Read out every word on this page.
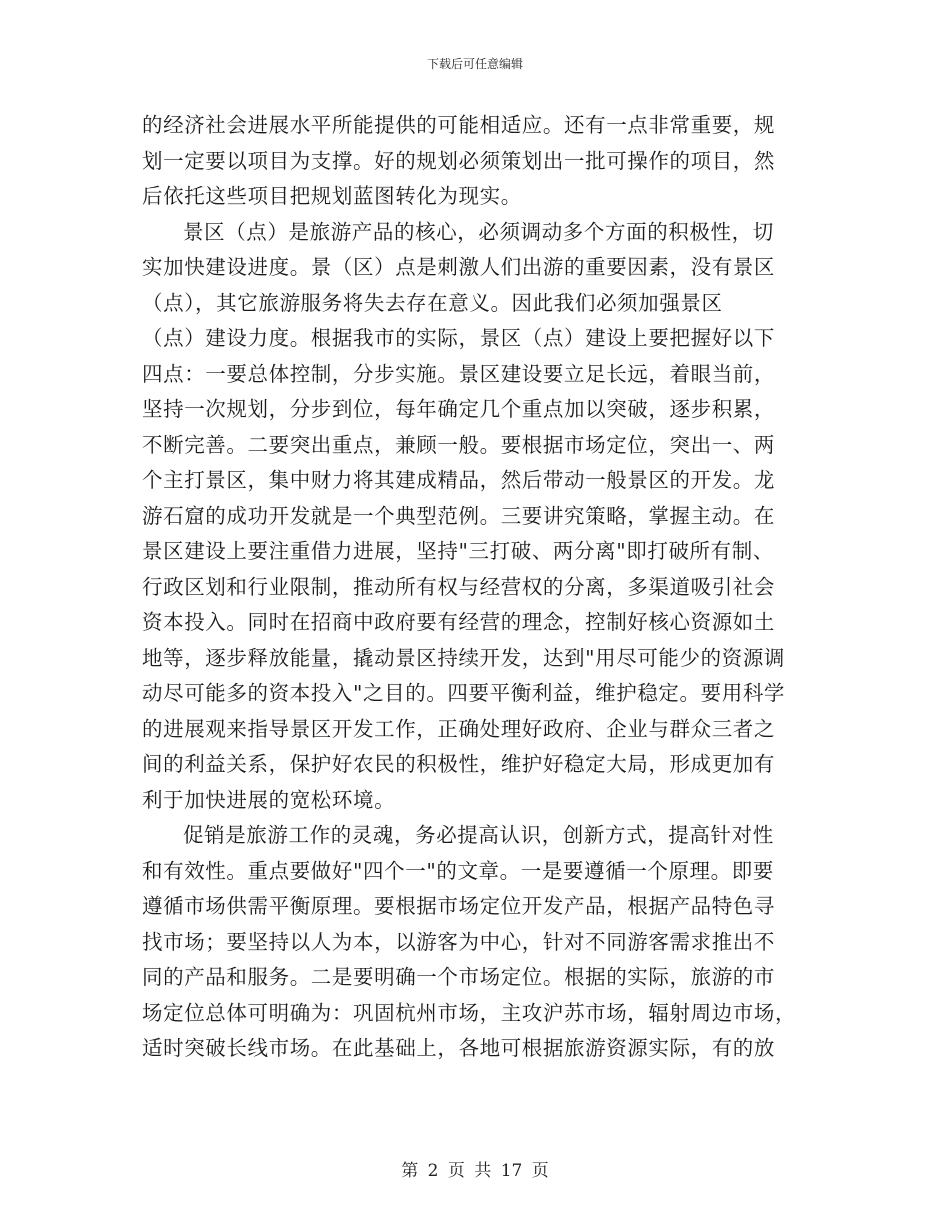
下载后可任意编辑
的经济社会进展水平所能提供的可能相适应。还有一点非常重要，规
划一定要以项目为支撑。好的规划必须策划出一批可操作的项目，然
后依托这些项目把规划蓝图转化为现实。
景区（点）是旅游产品的核心，必须调动多个方面的积极性，切
实加快建设进度。景（区）点是刺激人们出游的重要因素，没有景区
（点），其它旅游服务将失去存在意义。因此我们必须加强景区
（点）建设力度。根据我市的实际，景区（点）建设上要把握好以下
四点：一要总体控制，分步实施。景区建设要立足长远，着眼当前，
坚持一次规划，分步到位，每年确定几个重点加以突破，逐步积累，
不断完善。二要突出重点，兼顾一般。要根据市场定位，突出一、两
个主打景区，集中财力将其建成精品，然后带动一般景区的开发。龙
游石窟的成功开发就是一个典型范例。三要讲究策略，掌握主动。在
景区建设上要注重借力进展，坚持"三打破、两分离"即打破所有制、
行政区划和行业限制，推动所有权与经营权的分离，多渠道吸引社会
资本投入。同时在招商中政府要有经营的理念，控制好核心资源如土
地等，逐步释放能量，撬动景区持续开发，达到"用尽可能少的资源调
动尽可能多的资本投入"之目的。四要平衡利益，维护稳定。要用科学
的进展观来指导景区开发工作，正确处理好政府、企业与群众三者之
间的利益关系，保护好农民的积极性，维护好稳定大局，形成更加有
利于加快进展的宽松环境。
促销是旅游工作的灵魂，务必提高认识，创新方式，提高针对性
和有效性。重点要做好"四个一"的文章。一是要遵循一个原理。即要
遵循市场供需平衡原理。要根据市场定位开发产品，根据产品特色寻
找市场；要坚持以人为本，以游客为中心，针对不同游客需求推出不
同的产品和服务。二是要明确一个市场定位。根据的实际，旅游的市
场定位总体可明确为：巩固杭州市场，主攻沪苏市场，辐射周边市场，
适时突破长线市场。在此基础上，各地可根据旅游资源实际，有的放
第 2 页 共 17 页
